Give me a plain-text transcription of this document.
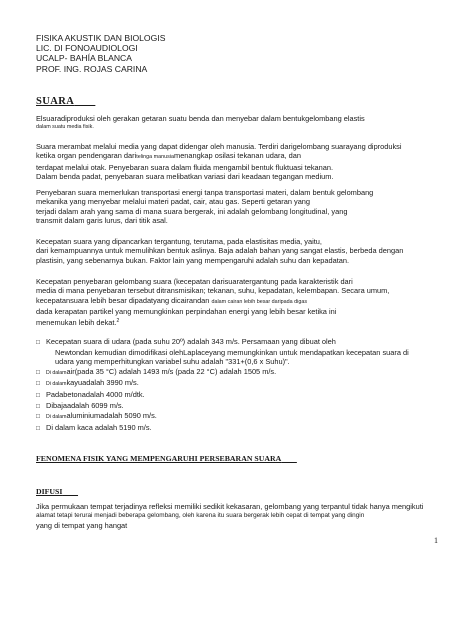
FISIKA AKUSTIK DAN BIOLOGIS
LIC. DI FONOAUDIOLOGI
UCALP- BAHÍA BLANCA
PROF. ING. ROJAS CARINA
SUARA
Elsuaradiproduksi oleh gerakan getaran suatu benda dan menyebar dalam bentukgelombang elastis
dalam suatu media fisik.
Suara merambat melalui media yang dapat didengar oleh manusia. Terdiri darigelombang suarayang diproduksi
ketika organ pendengaran daritelinga manusiamenangkap osilasi tekanan udara, dan
terdapat melalui otak. Penyebaran suara dalam fluida mengambil bentuk fluktuasi tekanan.
Dalam benda padat, penyebaran suara melibatkan variasi dari keadaan tegangan medium.
Penyebaran suara memerlukan transportasi energi tanpa transportasi materi, dalam bentuk gelombang
mekanika yang menyebar melalui materi padat, cair, atau gas. Seperti getaran yang
terjadi dalam arah yang sama di mana suara bergerak, ini adalah gelombang longitudinal, yang
transmit dalam garis lurus, dari titik asal.
Kecepatan suara yang dipancarkan tergantung, terutama, pada elastisitas media, yaitu,
dari kemampuannya untuk memulihkan bentuk aslinya. Baja adalah bahan yang sangat elastis, berbeda dengan
plastisin, yang sebenarnya bukan. Faktor lain yang mempengaruhi adalah suhu dan kepadatan.
Kecepatan penyebaran gelombang suara (kecepatan darisuaratergantung pada karakteristik dari
media di mana penyebaran tersebut ditransmisikan; tekanan, suhu, kepadatan, kelembapan. Secara umum,
kecepatansuara lebih besar dipadatyang dicairandan dalam cairan lebih besar daripada digas
dada kerapatan partikel yang memungkinkan perpindahan energi yang lebih besar ketika ini
menemukan lebih dekat.$^2$
□ Kecepatan suara di udara (pada suhu 20º) adalah 343 m/s. Persamaan yang dibuat oleh
Newtondan kemudian dimodifikasi olehLaplaceyang memungkinkan untuk mendapatkan kecepatan suara di
udara yang memperhitungkan variabel suhu adalah "331+(0,6 x Suhu)".
□ Di dalamair(pada 35 °C) adalah 1493 m/s (pada 22 °C) adalah 1505 m/s.
□ Di dalamkayuadalah 3990 m/s.
□ Padabetonadalah 4000 m/dtk.
□ Dibajaadalah 6099 m/s.
□ Di dalamaluminiumadalah 5090 m/s.
□ Di dalam kaca adalah 5190 m/s.
FENOMENA FISIK YANG MEMPENGARUHI PERSEBARAN SUARA
DIFUSI
Jika permukaan tempat terjadinya refleksi memiliki sedikit kekasaran, gelombang yang terpantul tidak hanya mengikuti
alamat tetapi terurai menjadi beberapa gelombang, oleh karena itu suara bergerak lebih cepat di tempat yang dingin
yang di tempat yang hangat
1
